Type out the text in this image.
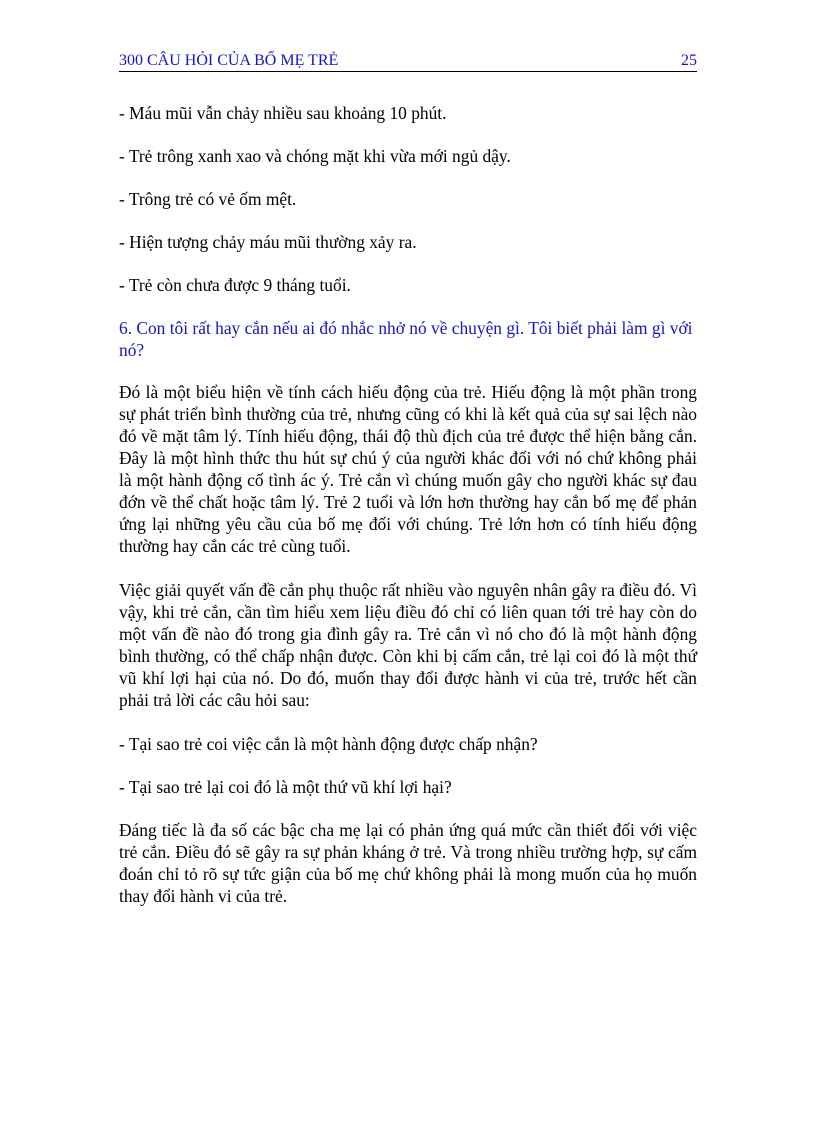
300 CÂU HỎI CỦA BỐ MẸ TRẺ	25

- Máu mũi vẫn chảy nhiều sau khoảng 10 phút.

- Trẻ trông xanh xao và chóng mặt khi vừa mới ngủ dậy.

- Trông trẻ có vẻ ốm mệt.

- Hiện tượng chảy máu mũi thường xảy ra.

- Trẻ còn chưa được 9 tháng tuổi.

6. Con tôi rất hay cắn nếu ai đó nhắc nhở nó về chuyện gì. Tôi biết phải làm gì với nó?

Đó là một biểu hiện về tính cách hiếu động của trẻ. Hiếu động là một phần trong sự phát triển bình thường của trẻ, nhưng cũng có khi là kết quả của sự sai lệch nào đó về mặt tâm lý. Tính hiếu động, thái độ thù địch của trẻ được thể hiện bằng cắn. Đây là một hình thức thu hút sự chú ý của người khác đối với nó chứ không phải là một hành động cố tình ác ý. Trẻ cắn vì chúng muốn gây cho người khác sự đau đớn về thể chất hoặc tâm lý. Trẻ 2 tuổi và lớn hơn thường hay cắn bố mẹ để phản ứng lại những yêu cầu của bố mẹ đối với chúng. Trẻ lớn hơn có tính hiếu động thường hay cắn các trẻ cùng tuổi.

Việc giải quyết vấn đề cắn phụ thuộc rất nhiều vào nguyên nhân gây ra điều đó. Vì vậy, khi trẻ cắn, cần tìm hiểu xem liệu điều đó chỉ có liên quan tới trẻ hay còn do một vấn đề nào đó trong gia đình gây ra. Trẻ cắn vì nó cho đó là một hành động bình thường, có thể chấp nhận được. Còn khi bị cấm cắn, trẻ lại coi đó là một thứ vũ khí lợi hại của nó. Do đó, muốn thay đổi được hành vi của trẻ, trước hết cần phải trả lời các câu hỏi sau:

- Tại sao trẻ coi việc cắn là một hành động được chấp nhận?

- Tại sao trẻ lại coi đó là một thứ vũ khí lợi hại?

Đáng tiếc là đa số các bậc cha mẹ lại có phản ứng quá mức cần thiết đối với việc trẻ cắn. Điều đó sẽ gây ra sự phản kháng ở trẻ. Và trong nhiều trường hợp, sự cấm đoán chỉ tỏ rõ sự tức giận của bố mẹ chứ không phải là mong muốn của họ muốn thay đổi hành vi của trẻ.
